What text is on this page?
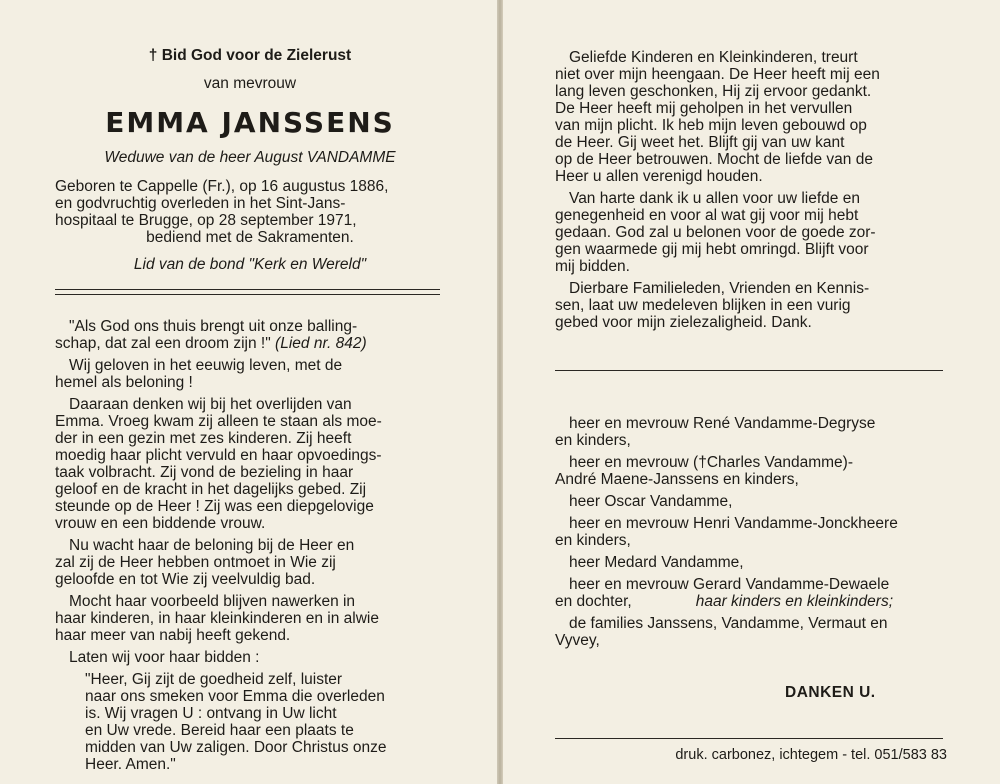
† Bid God voor de Zielerust
van mevrouw
EMMA JANSSENS
Weduwe van de heer August VANDAMME
Geboren te Cappelle (Fr.), op 16 augustus 1886,
en godvruchtig overleden in het Sint-Jans-
hospitaal te Brugge, op 28 september 1971,
bediend met de Sakramenten.
Lid van de bond "Kerk en Wereld"
"Als God ons thuis brengt uit onze balling-
schap, dat zal een droom zijn !" (Lied nr. 842)
Wij geloven in het eeuwig leven, met de
hemel als beloning !
Daaraan denken wij bij het overlijden van
Emma. Vroeg kwam zij alleen te staan als moe-
der in een gezin met zes kinderen. Zij heeft
moedig haar plicht vervuld en haar opvoedings-
taak volbracht. Zij vond de bezieling in haar
geloof en de kracht in het dagelijks gebed. Zij
steunde op de Heer ! Zij was een diepgelovige
vrouw en een biddende vrouw.
Nu wacht haar de beloning bij de Heer en
zal zij de Heer hebben ontmoet in Wie zij
geloofde en tot Wie zij veelvuldig bad.
Mocht haar voorbeeld blijven nawerken in
haar kinderen, in haar kleinkinderen en in alwie
haar meer van nabij heeft gekend.
Laten wij voor haar bidden :
"Heer, Gij zijt de goedheid zelf, luister
naar ons smeken voor Emma die overleden
is. Wij vragen U : ontvang in Uw licht
en Uw vrede. Bereid haar een plaats te
midden van Uw zaligen. Door Christus onze
Heer. Amen."
Geliefde Kinderen en Kleinkinderen, treurt
niet over mijn heengaan. De Heer heeft mij een
lang leven geschonken, Hij zij ervoor gedankt.
De Heer heeft mij geholpen in het vervullen
van mijn plicht. Ik heb mijn leven gebouwd op
de Heer. Gij weet het. Blijft gij van uw kant
op de Heer betrouwen. Mocht de liefde van de
Heer u allen verenigd houden.
Van harte dank ik u allen voor uw liefde en
genegenheid en voor al wat gij voor mij hebt
gedaan. God zal u belonen voor de goede zor-
gen waarmede gij mij hebt omringd. Blijft voor
mij bidden.
Dierbare Familieleden, Vrienden en Kennis-
sen, laat uw medeleven blijken in een vurig
gebed voor mijn zielezaligheid. Dank.
heer en mevrouw René Vandamme-Degryse
en kinders,
heer en mevrouw (†Charles Vandamme)-
André Maene-Janssens en kinders,
heer Oscar Vandamme,
heer en mevrouw Henri Vandamme-Jonckheere
en kinders,
heer Medard Vandamme,
heer en mevrouw Gerard Vandamme-Dewaele
en dochter,	haar kinders en kleinkinders;
de families Janssens, Vandamme, Vermaut en
Vyvey,
DANKEN U.
druk. carbonez, ichtegem - tel. 051/583 83
